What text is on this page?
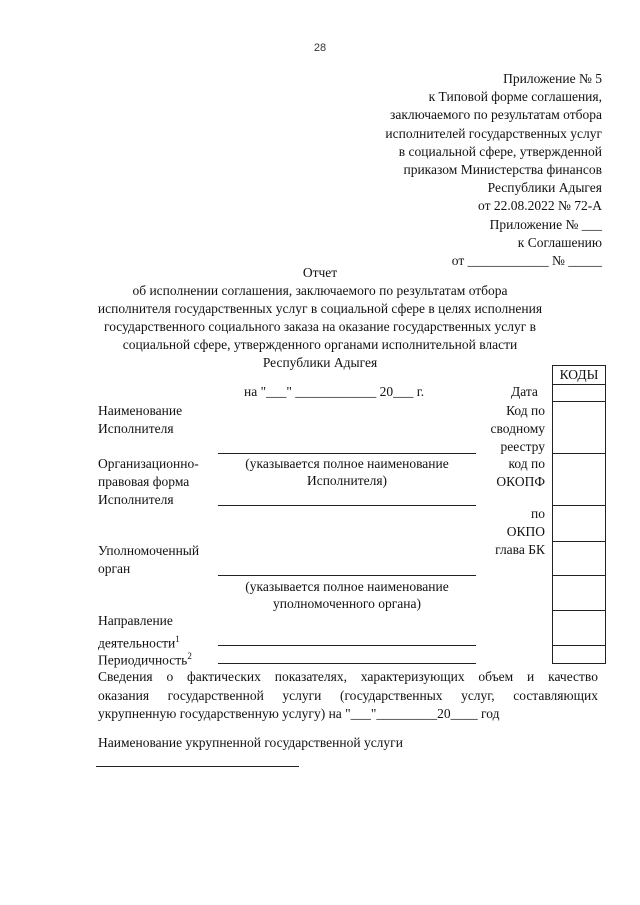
28
Приложение № 5
к Типовой форме соглашения,
заключаемого по результатам отбора
исполнителей государственных услуг
в социальной сфере, утвержденной
приказом Министерства финансов
Республики Адыгея
от 22.08.2022 № 72-А
Приложение № ___
к Соглашению
от ____________ № _____
Отчет
об исполнении соглашения, заключаемого по результатам отбора
исполнителя государственных услуг в социальной сфере в целях исполнения
государственного социального заказа на оказание государственных услуг в
социальной сфере, утвержденного органами исполнительной власти
Республики Адыгея
КОДЫ
на "___" ____________ 20___ г.	Дата
Наименование
Исполнителя
Код по
сводному
реестру
(указывается полное наименование
Исполнителя)
Организационно-
правовая форма
Исполнителя
код по
ОКОПФ
по
ОКПО
Уполномоченный
орган
глава БК
(указывается полное наименование
уполномоченного органа)
Направление
деятельности$^1$
Периодичность$^2$
Сведения о фактических показателях, характеризующих объем и качество
оказания государственной услуги (государственных услуг, составляющих
укрупненную государственную услугу) на "___"_________20____ год
Наименование укрупненной государственной услуги
